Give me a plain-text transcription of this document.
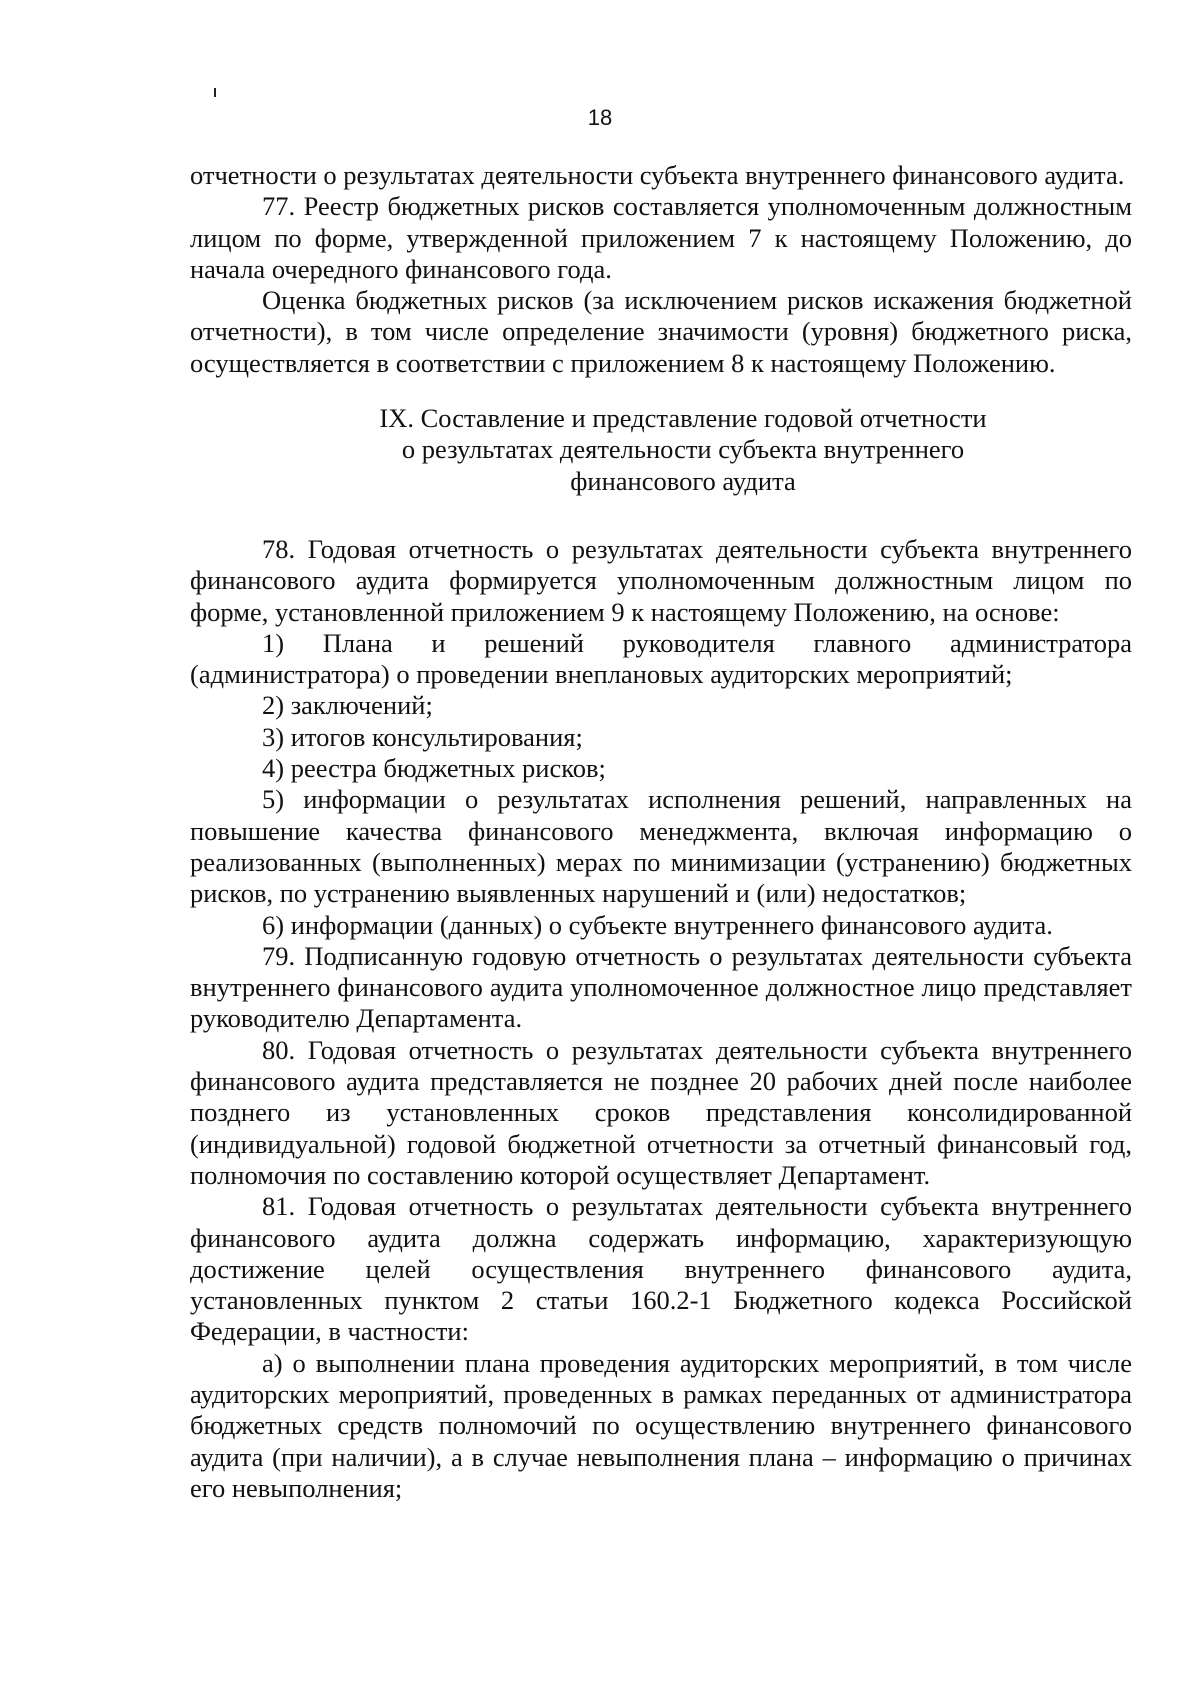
18

отчетности о результатах деятельности субъекта внутреннего финансового аудита.

77. Реестр бюджетных рисков составляется уполномоченным должностным лицом по форме, утвержденной приложением 7 к настоящему Положению, до начала очередного финансового года.

Оценка бюджетных рисков (за исключением рисков искажения бюджетной отчетности), в том числе определение значимости (уровня) бюджетного риска, осуществляется в соответствии с приложением 8 к настоящему Положению.

IX. Составление и представление годовой отчетности
о результатах деятельности субъекта внутреннего
финансового аудита

78. Годовая отчетность о результатах деятельности субъекта внутреннего финансового аудита формируется уполномоченным должностным лицом по форме, установленной приложением 9 к настоящему Положению, на основе:

1) Плана и решений руководителя главного администратора (администратора) о проведении внеплановых аудиторских мероприятий;

2) заключений;

3) итогов консультирования;

4) реестра бюджетных рисков;

5) информации о результатах исполнения решений, направленных на повышение качества финансового менеджмента, включая информацию о реализованных (выполненных) мерах по минимизации (устранению) бюджетных рисков, по устранению выявленных нарушений и (или) недостатков;

6) информации (данных) о субъекте внутреннего финансового аудита.

79. Подписанную годовую отчетность о результатах деятельности субъекта внутреннего финансового аудита уполномоченное должностное лицо представляет руководителю Департамента.

80. Годовая отчетность о результатах деятельности субъекта внутреннего финансового аудита представляется не позднее 20 рабочих дней после наиболее позднего из установленных сроков представления консолидированной (индивидуальной) годовой бюджетной отчетности за отчетный финансовый год, полномочия по составлению которой осуществляет Департамент.

81. Годовая отчетность о результатах деятельности субъекта внутреннего финансового аудита должна содержать информацию, характеризующую достижение целей осуществления внутреннего финансового аудита, установленных пунктом 2 статьи 160.2-1 Бюджетного кодекса Российской Федерации, в частности:

а) о выполнении плана проведения аудиторских мероприятий, в том числе аудиторских мероприятий, проведенных в рамках переданных от администратора бюджетных средств полномочий по осуществлению внутреннего финансового аудита (при наличии), а в случае невыполнения плана – информацию о причинах его невыполнения;
